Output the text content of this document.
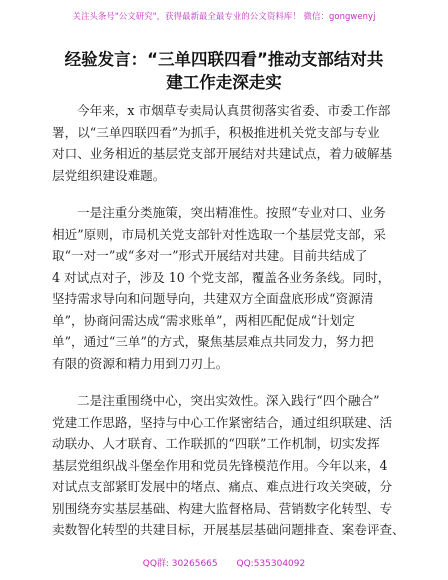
关注头条号"公文研究"，获得最新最全最专业的公文资料库！ 微信：gongwenyj
经验发言：“三单四联四看”推动支部结对共
建工作走深走实
今年来，x 市烟草专卖局认真贯彻落实省委、市委工作部
署，以“三单四联四看”为抓手，积极推进机关党支部与专业
对口、业务相近的基层党支部开展结对共建试点，着力破解基
层党组织建设难题。
一是注重分类施策，突出精准性。按照“专业对口、业务
相近”原则，市局机关党支部针对性选取一个基层党支部，采
取“一对一”或“多对一”形式开展结对共建。目前共结成了
4 对试点对子，涉及 10 个党支部，覆盖各业务条线。同时，
坚持需求导向和问题导向，共建双方全面盘底形成“资源清
单”，协商问需达成“需求账单”，两相匹配促成“计划定
单”，通过“三单”的方式，聚焦基层难点共同发力，努力把
有限的资源和精力用到刀刃上。
二是注重围绕中心，突出实效性。深入践行“四个融合”
党建工作思路，坚持与中心工作紧密结合，通过组织联建、活
动联办、人才联育、工作联抓的“四联”工作机制，切实发挥
基层党组织战斗堡垒作用和党员先锋模范作用。今年以来，4
对试点支部紧盯发展中的堵点、痛点、难点进行攻关突破，分
别围绕夯实基层基础、构建大监督格局、营销数字化转型、专
卖数智化转型的共建目标，开展基层基础问题排查、案卷评查、
QQ群: 30265665 QQ:535304092
